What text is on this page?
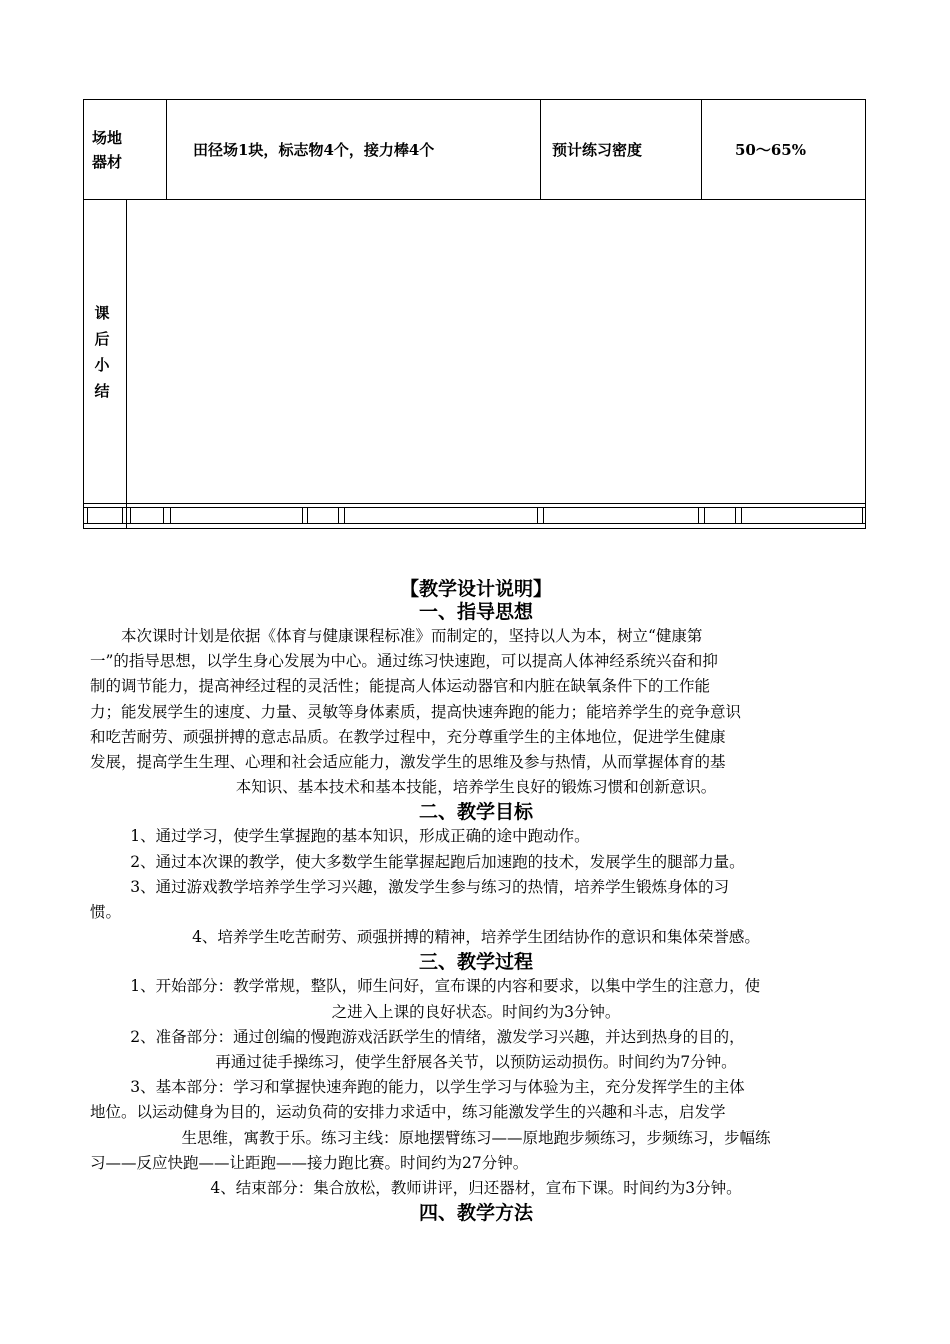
场地器材
田径场1块，标志物4个，接力棒4个	预计练习密度	50～65%
课
后
小
结

【教学设计说明】

一、指导思想

本次课时计划是依据《体育与健康课程标准》而制定的，坚持以人为本，树立“健康第

一”的指导思想，以学生身心发展为中心。通过练习快速跑，可以提高人体神经系统兴奋和抑

制的调节能力，提高神经过程的灵活性；能提高人体运动器官和内脏在缺氧条件下的工作能

力；能发展学生的速度、力量、灵敏等身体素质，提高快速奔跑的能力；能培养学生的竞争意识

和吃苦耐劳、顽强拼搏的意志品质。在教学过程中，充分尊重学生的主体地位，促进学生健康

发展，提高学生生理、心理和社会适应能力，激发学生的思维及参与热情，从而掌握体育的基

本知识、基本技术和基本技能，培养学生良好的锻炼习惯和创新意识。

二、教学目标

1、通过学习，使学生掌握跑的基本知识，形成正确的途中跑动作。

2、通过本次课的教学，使大多数学生能掌握起跑后加速跑的技术，发展学生的腿部力量。

3、通过游戏教学培养学生学习兴趣，激发学生参与练习的热情，培养学生锻炼身体的习

惯。

4、培养学生吃苦耐劳、顽强拼搏的精神，培养学生团结协作的意识和集体荣誉感。

三、教学过程

1、开始部分：教学常规，整队，师生问好，宣布课的内容和要求，以集中学生的注意力，使

之进入上课的良好状态。时间约为3分钟。

2、准备部分：通过创编的慢跑游戏活跃学生的情绪，激发学习兴趣，并达到热身的目的，

再通过徒手操练习，使学生舒展各关节，以预防运动损伤。时间约为7分钟。

3、基本部分：学习和掌握快速奔跑的能力，以学生学习与体验为主，充分发挥学生的主体

地位。以运动健身为目的，运动负荷的安排力求适中，练习能激发学生的兴趣和斗志，启发学

生思维，寓教于乐。练习主线：原地摆臂练习——原地跑步频练习，步频练习，步幅练

习——反应快跑——让距跑——接力跑比赛。时间约为27分钟。

4、结束部分：集合放松，教师讲评，归还器材，宣布下课。时间约为3分钟。

四、教学方法
